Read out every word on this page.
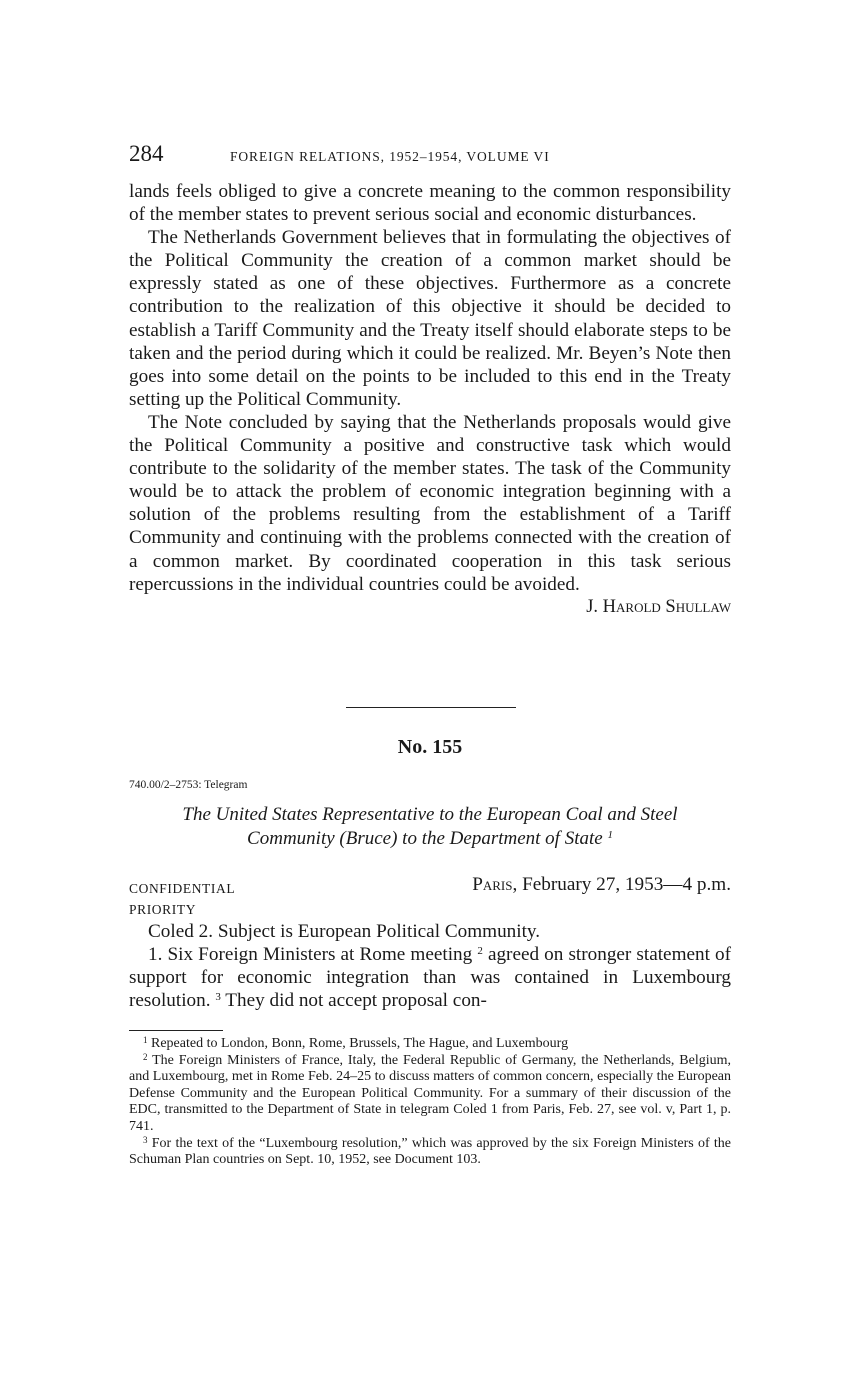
284	FOREIGN RELATIONS, 1952–1954, VOLUME VI

lands feels obliged to give a concrete meaning to the common responsibility of the member states to prevent serious social and economic disturbances.

The Netherlands Government believes that in formulating the objectives of the Political Community the creation of a common market should be expressly stated as one of these objectives. Furthermore as a concrete contribution to the realization of this objective it should be decided to establish a Tariff Community and the Treaty itself should elaborate steps to be taken and the period during which it could be realized. Mr. Beyen’s Note then goes into some detail on the points to be included to this end in the Treaty setting up the Political Community.

The Note concluded by saying that the Netherlands proposals would give the Political Community a positive and constructive task which would contribute to the solidarity of the member states. The task of the Community would be to attack the problem of economic integration beginning with a solution of the problems resulting from the establishment of a Tariff Community and continuing with the problems connected with the creation of a common market. By coordinated cooperation in this task serious repercussions in the individual countries could be avoided.

J. Harold Shullaw

No. 155
740.00/2–2753: Telegram
The United States Representative to the European Coal and Steel
Community (Bruce) to the Department of State $^1$
CONFIDENTIAL
PRIORITY
Paris, February 27, 1953—4 p.m.

Coled 2. Subject is European Political Community.

1. Six Foreign Ministers at Rome meeting $^2$ agreed on stronger statement of support for economic integration than was contained in Luxembourg resolution. $^3$ They did not accept proposal con-

$^1$ Repeated to London, Bonn, Rome, Brussels, The Hague, and Luxembourg

$^2$ The Foreign Ministers of France, Italy, the Federal Republic of Germany, the Netherlands, Belgium, and Luxembourg, met in Rome Feb. 24–25 to discuss matters of common concern, especially the European Defense Community and the European Political Community. For a summary of their discussion of the EDC, transmitted to the Department of State in telegram Coled 1 from Paris, Feb. 27, see vol. v, Part 1, p. 741.

$^3$ For the text of the “Luxembourg resolution,” which was approved by the six Foreign Ministers of the Schuman Plan countries on Sept. 10, 1952, see Document 103.
